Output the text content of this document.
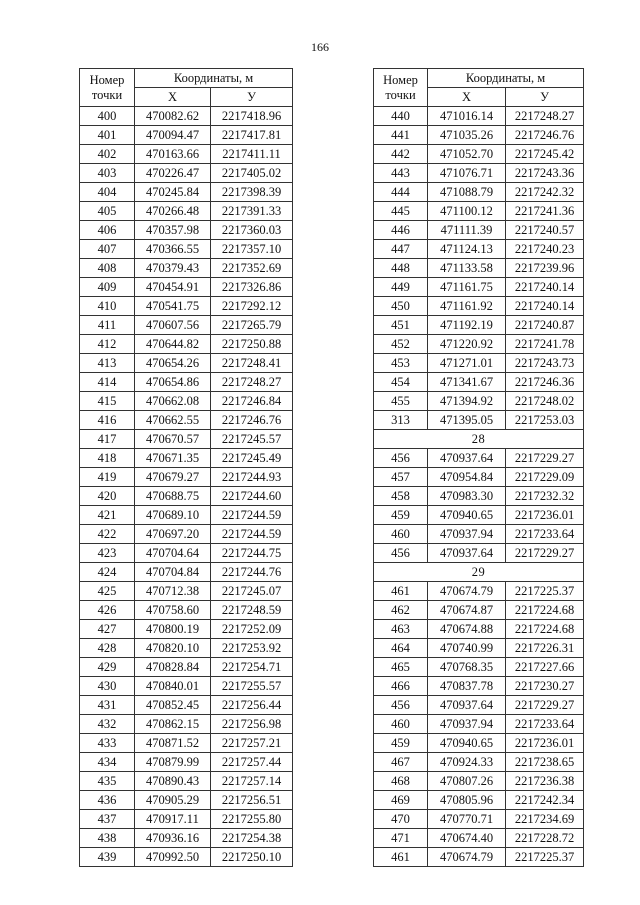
166
Номер
точки	Координаты, м	
	X	У
400	470082.62	2217418.96
401	470094.47	2217417.81
402	470163.66	2217411.11
403	470226.47	2217405.02
404	470245.84	2217398.39
405	470266.48	2217391.33
406	470357.98	2217360.03
407	470366.55	2217357.10
408	470379.43	2217352.69
409	470454.91	2217326.86
410	470541.75	2217292.12
411	470607.56	2217265.79
412	470644.82	2217250.88
413	470654.26	2217248.41
414	470654.86	2217248.27
415	470662.08	2217246.84
416	470662.55	2217246.76
417	470670.57	2217245.57
418	470671.35	2217245.49
419	470679.27	2217244.93
420	470688.75	2217244.60
421	470689.10	2217244.59
422	470697.20	2217244.59
423	470704.64	2217244.75
424	470704.84	2217244.76
425	470712.38	2217245.07
426	470758.60	2217248.59
427	470800.19	2217252.09
428	470820.10	2217253.92
429	470828.84	2217254.71
430	470840.01	2217255.57
431	470852.45	2217256.44
432	470862.15	2217256.98
433	470871.52	2217257.21
434	470879.99	2217257.44
435	470890.43	2217257.14
436	470905.29	2217256.51
437	470917.11	2217255.80
438	470936.16	2217254.38
439	470992.50	2217250.10
Номер
точки	Координаты, м	
	X	У
440	471016.14	2217248.27
441	471035.26	2217246.76
442	471052.70	2217245.42
443	471076.71	2217243.36
444	471088.79	2217242.32
445	471100.12	2217241.36
446	471111.39	2217240.57
447	471124.13	2217240.23
448	471133.58	2217239.96
449	471161.75	2217240.14
450	471161.92	2217240.14
451	471192.19	2217240.87
452	471220.92	2217241.78
453	471271.01	2217243.73
454	471341.67	2217246.36
455	471394.92	2217248.02
313	471395.05	2217253.03
28		
456	470937.64	2217229.27
457	470954.84	2217229.09
458	470983.30	2217232.32
459	470940.65	2217236.01
460	470937.94	2217233.64
456	470937.64	2217229.27
29		
461	470674.79	2217225.37
462	470674.87	2217224.68
463	470674.88	2217224.68
464	470740.99	2217226.31
465	470768.35	2217227.66
466	470837.78	2217230.27
456	470937.64	2217229.27
460	470937.94	2217233.64
459	470940.65	2217236.01
467	470924.33	2217238.65
468	470807.26	2217236.38
469	470805.96	2217242.34
470	470770.71	2217234.69
471	470674.40	2217228.72
461	470674.79	2217225.37
